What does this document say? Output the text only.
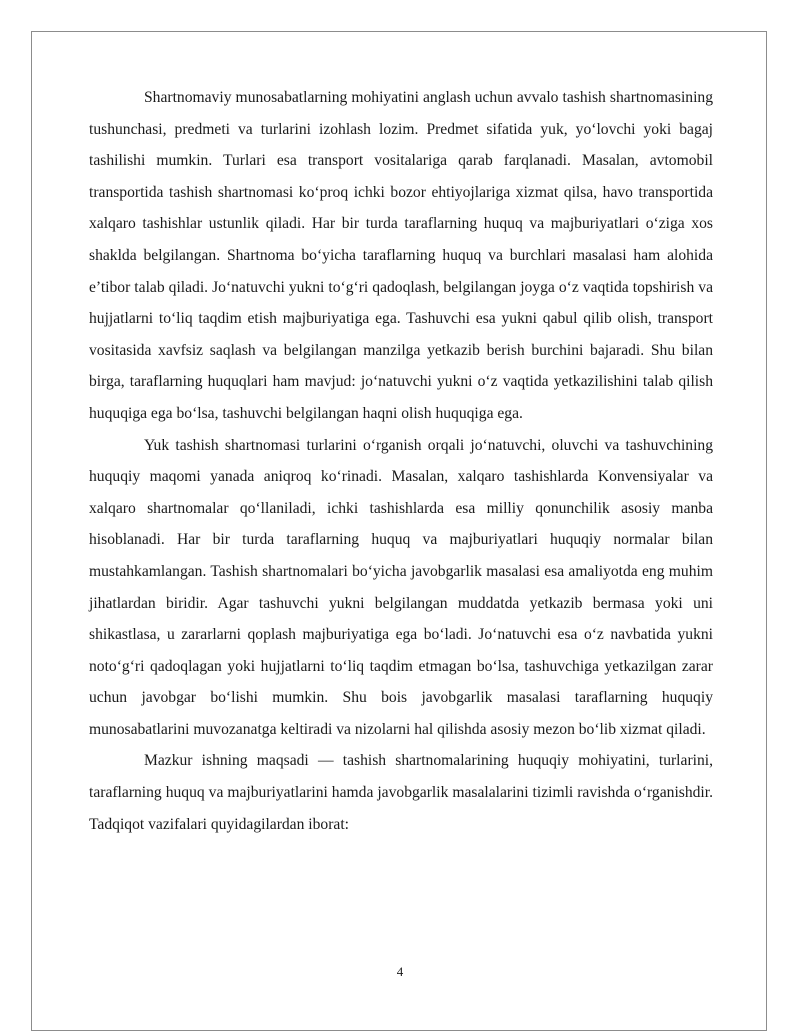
Shartnomaviy munosabatlarning mohiyatini anglash uchun avvalo tashish shartnomasining tushunchasi, predmeti va turlarini izohlash lozim. Predmet sifatida yuk, yo‘lovchi yoki bagaj tashilishi mumkin. Turlari esa transport vositalariga qarab farqlanadi. Masalan, avtomobil transportida tashish shartnomasi ko‘proq ichki bozor ehtiyojlariga xizmat qilsa, havo transportida xalqaro tashishlar ustunlik qiladi. Har bir turda taraflarning huquq va majburiyatlari o‘ziga xos shaklda belgilangan. Shartnoma bo‘yicha taraflarning huquq va burchlari masalasi ham alohida e’tibor talab qiladi. Jo‘natuvchi yukni to‘g‘ri qadoqlash, belgilangan joyga o‘z vaqtida topshirish va hujjatlarni to‘liq taqdim etish majburiyatiga ega. Tashuvchi esa yukni qabul qilib olish, transport vositasida xavfsiz saqlash va belgilangan manzilga yetkazib berish burchini bajaradi. Shu bilan birga, taraflarning huquqlari ham mavjud: jo‘natuvchi yukni o‘z vaqtida yetkazilishini talab qilish huquqiga ega bo‘lsa, tashuvchi belgilangan haqni olish huquqiga ega.

Yuk tashish shartnomasi turlarini o‘rganish orqali jo‘natuvchi, oluvchi va tashuvchining huquqiy maqomi yanada aniqroq ko‘rinadi. Masalan, xalqaro tashishlarda Konvensiyalar va xalqaro shartnomalar qo‘llaniladi, ichki tashishlarda esa milliy qonunchilik asosiy manba hisoblanadi. Har bir turda taraflarning huquq va majburiyatlari huquqiy normalar bilan mustahkamlangan. Tashish shartnomalari bo‘yicha javobgarlik masalasi esa amaliyotda eng muhim jihatlardan biridir. Agar tashuvchi yukni belgilangan muddatda yetkazib bermasa yoki uni shikastlasa, u zararlarni qoplash majburiyatiga ega bo‘ladi. Jo‘natuvchi esa o‘z navbatida yukni noto‘g‘ri qadoqlagan yoki hujjatlarni to‘liq taqdim etmagan bo‘lsa, tashuvchiga yetkazilgan zarar uchun javobgar bo‘lishi mumkin. Shu bois javobgarlik masalasi taraflarning huquqiy munosabatlarini muvozanatga keltiradi va nizolarni hal qilishda asosiy mezon bo‘lib xizmat qiladi.

Mazkur ishning maqsadi — tashish shartnomalarining huquqiy mohiyatini, turlarini, taraflarning huquq va majburiyatlarini hamda javobgarlik masalalarini tizimli ravishda o‘rganishdir. Tadqiqot vazifalari quyidagilardan iborat:

4
